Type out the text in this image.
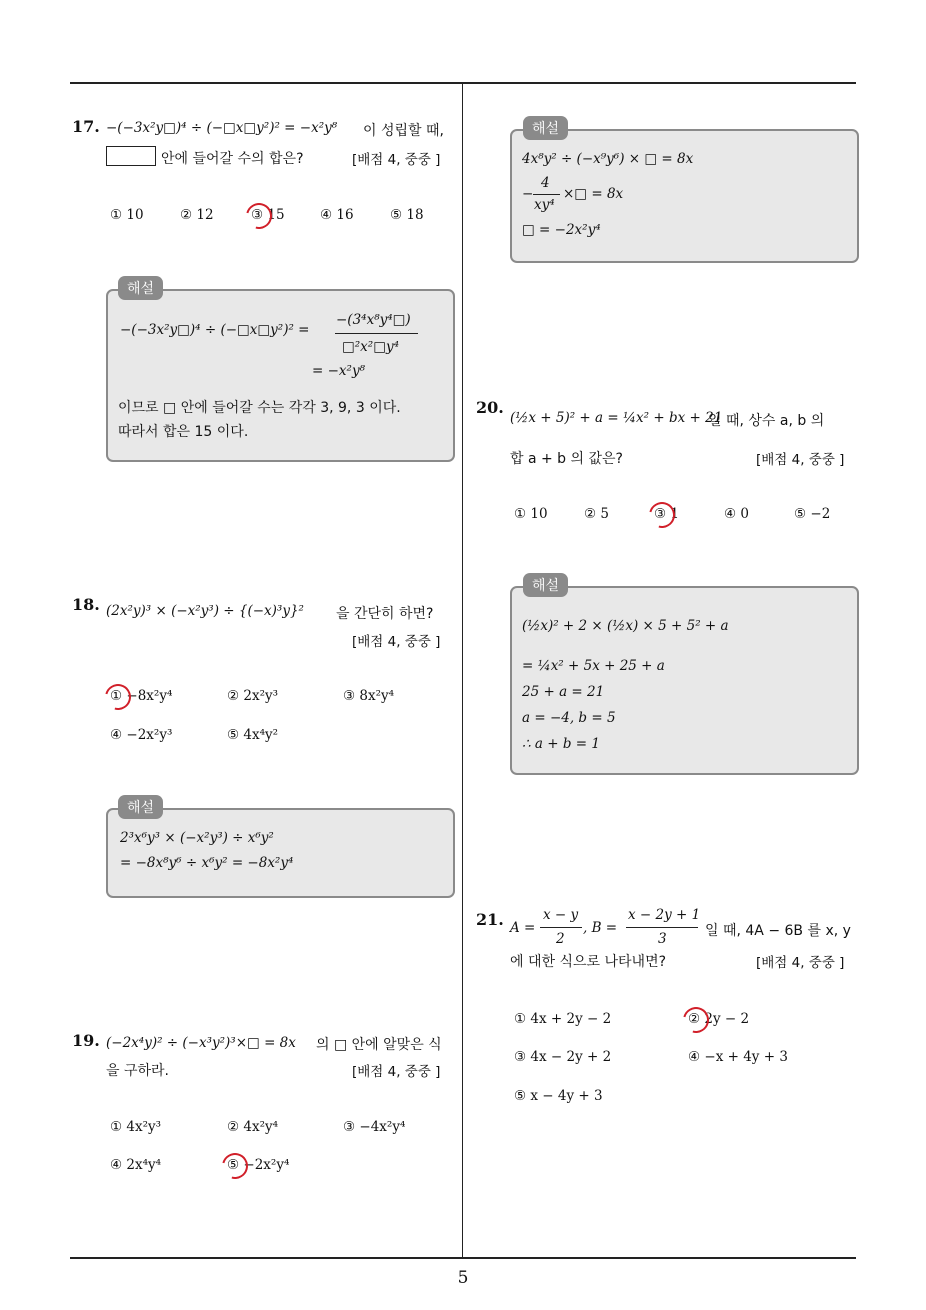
17. −(−3x²y□)⁴ ÷ (−□x□y²)² = −x²y⁸ 이 성립할 때,
안에 들어갈 수의 합은?	[배점 4, 중중 ]
① 10	② 12	③ 15	④ 16	⑤ 18
해설
−(−3x²y□)⁴ ÷ (−□x□y²)² =
−(3⁴x⁸y⁴□)
□²x²□y⁴
= −x²y⁸
이므로 □ 안에 들어갈 수는 각각 3, 9, 3 이다.
따라서 합은 15 이다.
18. (2x²y)³ × (−x²y³) ÷ {(−x)³y}² 을 간단히 하면?
[배점 4, 중중 ]
① −8x²y⁴	② 2x²y³	③ 8x²y⁴
④ −2x²y³	⑤ 4x⁴y²
해설
2³x⁶y³ × (−x²y³) ÷ x⁶y²
= −8x⁸y⁶ ÷ x⁶y² = −8x²y⁴
19. (−2x⁴y)² ÷ (−x³y²)³×□ = 8x 의 □ 안에 알맞은 식
을 구하라.	[배점 4, 중중 ]
① 4x²y³	② 4x²y⁴	③ −4x²y⁴
④ 2x⁴y⁴	⑤ −2x²y⁴
해설
4x⁸y² ÷ (−x⁹y⁶) × □ = 8x
−
4
xy⁴
×□ = 8x
□ = −2x²y⁴
20.
(½x + 5)² + a = ¼x² + bx + 21
일 때, 상수 a, b 의
합 a + b 의 값은?	[배점 4, 중중 ]
① 10	② 5	③ 1	④ 0	⑤ −2
해설
(½x)² + 2 × (½x) × 5 + 5² + a
= ¼x² + 5x + 25 + a
25 + a = 21
a = −4, b = 5
∴ a + b = 1
21. A =
x − y
2
, B =
x − 2y + 1
3	일 때, 4A − 6B 를 x, y
에 대한 식으로 나타내면?	[배점 4, 중중 ]
① 4x + 2y − 2	② 2y − 2
③ 4x − 2y + 2	④ −x + 4y + 3
⑤ x − 4y + 3
5
